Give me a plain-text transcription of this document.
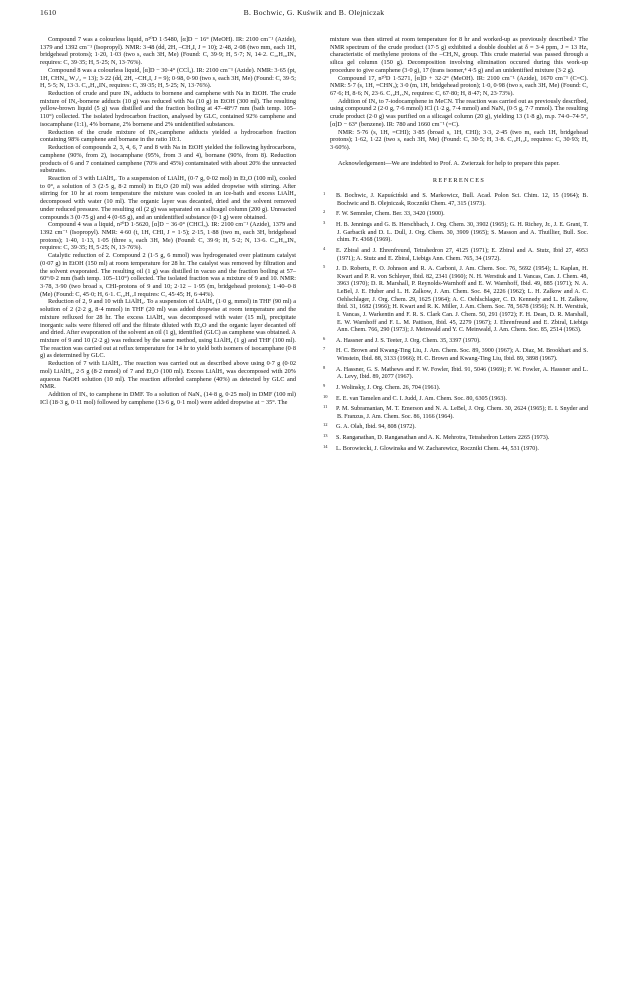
1610	B. Bochwic, G. Kuświk and B. Olejniczak

Compound 7 was a colourless liquid, n²⁰D 1·5480, [α]D − 16° (MeOH). IR: 2100 cm⁻¹ (Azide), 1379 and 1392 cm⁻¹ (Isopropyl). NMR: 3·48 (dd, 2H, –CH₂I, J = 10); 2·48, 2·08 (two mm, each 1H, bridgehead protons); 1·20, 1·03 (two s, each 3H, Me) (Found: C, 39·9; H, 5·7; N, 14·2. C₁₀H₁₆IN₃ requires: C, 39·35; H, 5·25; N, 13·76%).

Compound 8 was a colourless liquid, [α]D − 30·4° (CCl₄). IR: 2100 cm⁻¹ (Azide). NMR: 3·65 (pt, 1H, CHN₃, W₁/₂ = 13); 3·22 (dd, 2H, –CH₂I, J = 9); 0·98, 0·90 (two s, each 3H, Me) (Found: C, 39·5; H, 5·5; N, 13·3. C₁₀H₁₆IN₃ requires: C, 39·35; H, 5·25; N, 13·76%).

Reduction of crude and pure IN₃ adducts to bornene and camphene with Na in EtOH. The crude mixture of IN₃-bornene adducts (10 g) was reduced with Na (10 g) in EtOH (300 ml). The resulting yellow-brown liquid (5 g) was distilled and the fraction boiling at 47–48°/7 mm (bath temp. 105–110°) collected. The isolated hydrocarbon fraction, analysed by GLC, contained 92% camphene and isocamphane (1:1), 4% bornane, 2% bornene and 2% unidentified substances.

Reduction of the crude mixture of IN₃-camphene adducts yielded a hydrocarbon fraction containing 98% camphene and bornane in the ratio 10:1.

Reduction of compounds 2, 3, 4, 6, 7 and 8 with Na in EtOH yielded the following hydrocarbons, camphene (90%, from 2), isocamphane (95%, from 3 and 4), bornane (90%, from 8). Reduction products of 6 and 7 contained camphene (70% and 45%) contaminated with about 20% the unreacted substrates.

Reaction of 3 with LiAlH₄. To a suspension of LiAlH₄ (0·7 g, 0·02 mol) in Et₂O (100 ml), cooled to 0°, a solution of 3 (2·5 g, 8·2 mmol) in Et₂O (20 ml) was added dropwise with stirring. After stirring for 10 hr at room temperature the mixture was cooled in an ice-bath and excess LiAlH₄ decomposed with water (10 ml). The organic layer was decanted, dried and the solvent removed under reduced pressure. The resulting oil (2 g) was separated on a silicagel column (200 g). Unreacted compounds 3 (0·75 g) and 4 (0·65 g), and an unidentified substance (0·1 g) were obtained.

Compound 4 was a liquid, n²⁰D 1·5620, [α]D − 36·0° (CHCl₃). IR: 2100 cm⁻¹ (Azide), 1379 and 1392 cm⁻¹ (Isopropyl). NMR: 4·60 (t, 1H, CHI, J = 1·5); 2·15, 1·88 (two m, each 3H, bridgehead protons); 1·40, 1·13, 1·05 (three s, each 3H, Me) (Found: C, 39·9; H, 5·2; N, 13·6. C₁₀H₁₆IN₃ requires: C, 39·35; H, 5·25; N, 13·76%).

Catalytic reduction of 2. Compound 2 (1·5 g, 6 mmol) was hydrogenated over platinum catalyst (0·07 g) in EtOH (150 ml) at room temperature for 28 hr. The catalyst was removed by filtration and the solvent evaporated. The resulting oil (1 g) was distilled in vacuo and the fraction boiling at 57–60°/0·2 mm (bath temp. 105–110°) collected. The isolated fraction was a mixture of 9 and 10. NMR: 3·78, 3·90 (two broad s, CHI-protons of 9 and 10; 2·12 – 1·95 (m, bridgehead protons); 1·40–0·8 (Me) (Found: C, 45·0; H, 6·1. C₁₀H₁₇I requires: C, 45·45; H, 6·44%).

Reduction of 2, 9 and 10 with LiAlH₄. To a suspension of LiAlH₄ (1·0 g, mmol) in THF (90 ml) a solution of 2 (2·2 g, 8·4 mmol) in THF (20 ml) was added dropwise at room temperature and the mixture refluxed for 28 hr. The excess LiAlH₄ was decomposed with water (15 ml), precipitate inorganic salts were filtered off and the filtrate diluted with Et₂O and the organic layer decanted off and dried. After evaporation of the solvent an oil (1 g), identified (GLC) as camphene was obtained. A mixture of 9 and 10 (2·2 g) was reduced by the same method, using LiAlH₄ (1 g) and THF (100 ml). The reaction was carried out at reflux temperature for 14 hr to yield both isomers of isocamphane (0·8 g) as determined by GLC.

Reduction of 7 with LiAlH₄. The reaction was carried out as described above using 0·7 g (0·02 mol) LiAlH₄, 2·5 g (8·2 mmol) of 7 and Et₂O (100 ml). Excess LiAlH₄ was decomposed with 20% aqueous NaOH solution (10 ml). The reaction afforded camphene (40%) as detected by GLC and NMR.

Addition of IN₃ to camphene in DMF. To a solution of NaN₃ (14·8 g, 0·25 mol) in DMF (100 ml) ICl (18·3 g, 0·11 mol) followed by camphene (13·6 g, 0·1 mol) were added dropwise at − 35°. The

mixture was then stirred at room temperature for 8 hr and worked-up as previously described.¹ The NMR spectrum of the crude product (17·5 g) exhibited a double doublet at δ = 3·4 ppm, J = 13 Hz, characteristic of methylene protons of the –CH₂N₃ group. This crude material was passed through a silica gel column (150 g). Decomposition involving elimination occured during this work-up procedure to give camphene (3·0 g), 17 (trans isomer,⁴ 4·5 g) and an unidentified mixture (3·2 g).

Compound 17, n²⁰D 1·5271, [α]D + 32·2° (MeOH). IR: 2100 cm⁻¹ (Azide), 1670 cm⁻¹ (C=C). NMR: 5·7 (s, 1H, =CHN₃); 3·0 (m, 1H, bridgehead proton); 1·0, 0·98 (two s, each 3H, Me) (Found: C, 67·6; H, 8·6; N, 23·6. C₁₀H₁₅N₃ requires: C, 67·80; H, 8·47; N, 23·73%).

Addition of IN₃ to 7-iodocamphene in MeCN. The reaction was carried out as previously described, using compound 2 (2·0 g, 7·6 mmol) ICl (1·2 g, 7·4 mmol) and NaN₃ (0·5 g, 7·7 mmol). The resulting crude product (2·0 g) was purified on a silicagel column (20 g), yielding 13 (1·8 g), m.p. 74·0–74·5°, [α]D − 63° (benzene). IR: 780 and 1660 cm⁻¹ (=C).

NMR: 5·76 (s, 1H, =CHI); 3·85 (broad s, 1H, CHI); 3·3, 2·45 (two m, each 1H, bridgehead protons); 1·62, 1·22 (two s, each 3H, Me) (Found: C, 30·5; H, 3·8. C₁₀H₁₄I₂ requires: C, 30·93; H, 3·60%).

Acknowledgement—We are indebted to Prof. A. Zwierzak for help to prepare this paper.

REFERENCES
1 B. Bochwic, J. Kapuściński and S. Markowicz, Bull. Acad. Polon Sci. Chim. 12, 15 (1964); B. Bochwic and B. Olejniczak, Roczniki Chem. 47, 315 (1973).
2 F. W. Semmler, Chem. Ber. 33, 3420 (1900).
3 H. B. Jennings and G. B. Herschbach, J. Org. Chem. 30, 3902 (1965); G. H. Richey, Jr., J. E. Grant, T. J. Garbacik and D. L. Dull, J. Org. Chem. 30, 3909 (1965); S. Masson and A. Thuillier, Bull. Soc. chim. Fr. 4368 (1969).
4 E. Zbiral and J. Ehrenfreund, Tetrahedron 27, 4125 (1971); E. Zbiral and A. Stutz, Ibid 27, 4953 (1971); A. Stutz and E. Zbiral, Liebigs Ann. Chem. 765, 34 (1972).
5 J. D. Roberts, F. O. Johnson and R. A. Carboni, J. Am. Chem. Soc. 76, 5692 (1954); L. Kaplan, H. Kwart and P. R. von Schleyer, Ibid. 82, 2341 (1960); N. H. Werstiuk and I. Vancas, Can. J. Chem. 48, 3963 (1970); D. R. Marshall, P. Reynolds-Warnhoff and E. W. Warnhoff, Ibid. 49, 885 (1971); N. A. LeBel, J. E. Huber and L. H. Zalkow, J. Am. Chem. Soc. 84, 2226 (1962); L. H. Zalkow and A. C. Oehlschlager, J. Org. Chem. 29, 1625 (1964); A. C. Oehlschlager, C. D. Kennedy and L. H. Zalkow, Ibid. 31, 1682 (1966); H. Kwart and R. K. Miller, J. Am. Chem. Soc. 78, 5678 (1956); N. H. Werstiuk, I. Vancas, J. Warkentin and F. R. S. Clark Can. J. Chem. 50, 291 (1972); F. H. Dean, D. R. Marshall, E. W. Warnhoff and F. L. M. Pattison, Ibid. 45, 2279 (1967); J. Ehrenfreund and E. Zbiral, Liebigs Ann. Chem. 766, 290 (1973); J. Meinwald and Y. C. Meinwald, J. Am. Chem. Soc. 85, 2514 (1963).
6 A. Hassner and J. S. Teeter, J. Org. Chem. 35, 3397 (1970).
7 H. C. Brown and Kwang-Ting Liu, J. Am. Chem. Soc. 89, 3900 (1967); A. Diaz, M. Brookhart and S. Winstein, Ibid. 88, 3133 (1966); H. C. Brown and Kwang-Ting Liu, Ibid. 89, 3898 (1967).
8 A. Hassner, G. S. Mathews and F. W. Fowler, Ibid. 91, 5046 (1969); F. W. Fowler, A. Hassner and L. A. Levy, Ibid. 89, 2077 (1967).
9 J. Wolinsky, J. Org. Chem. 26, 704 (1961).
10 E. E. van Tamelen and C. I. Judd, J. Am. Chem. Soc. 80, 6305 (1963).
11 P. M. Subramanian, M. T. Emerson and N. A. LeBel, J. Org. Chem. 30, 2624 (1965); E. I. Snyder and B. Franzus, J. Am. Chem. Soc. 86, 1166 (1964).
12 G. A. Olah, Ibid. 94, 808 (1972).
13 S. Ranganathan, D. Ranganathan and A. K. Mehrotra, Tetrahedron Letters 2265 (1973).
14 L. Borowiecki, J. Glowinska and W. Zacharewicz, Roczniki Chem. 44, 531 (1970).
